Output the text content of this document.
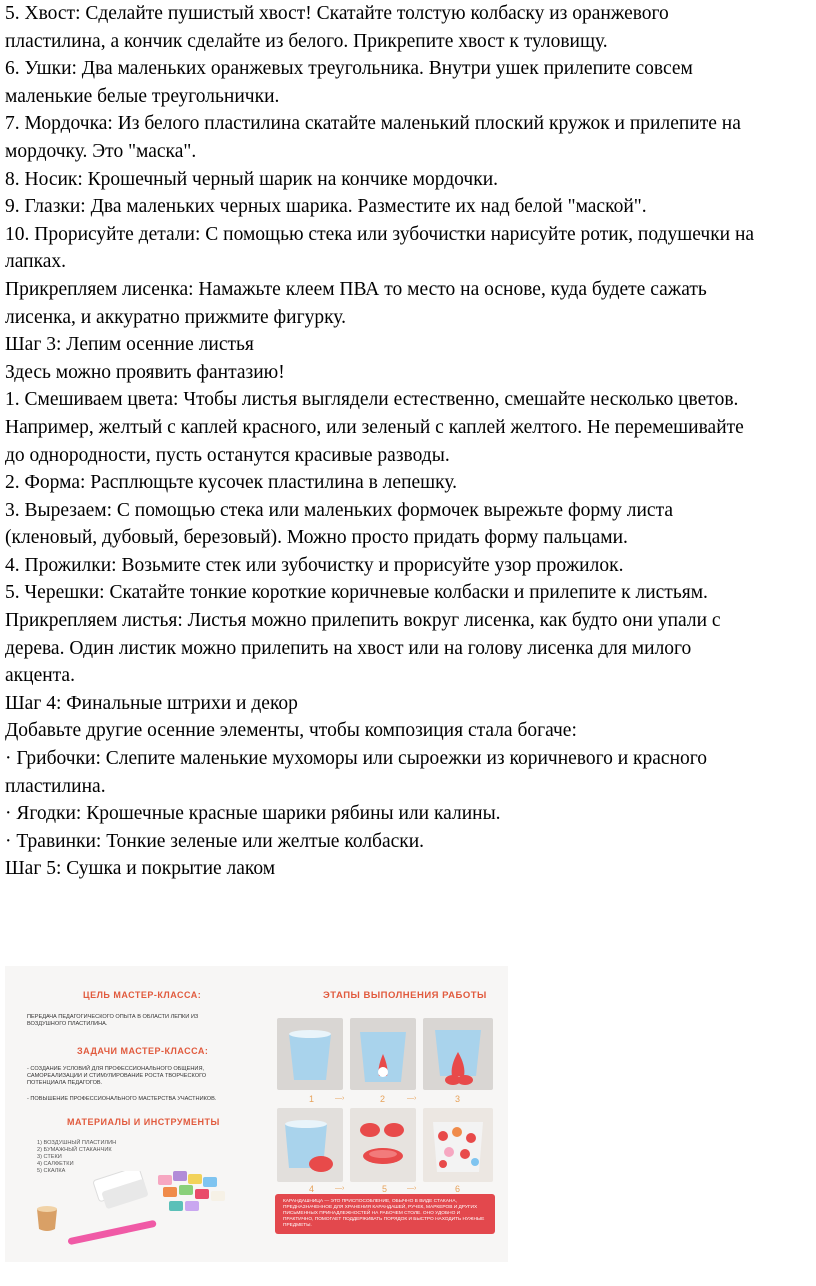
5. Хвост: Сделайте пушистый хвост! Скатайте толстую колбаску из оранжевого

пластилина, а кончик сделайте из белого. Прикрепите хвост к туловищу.

6. Ушки: Два маленьких оранжевых треугольника. Внутри ушек прилепите совсем

маленькие белые треугольнички.

7. Мордочка: Из белого пластилина скатайте маленький плоский кружок и прилепите на

мордочку. Это "маска".

8. Носик: Крошечный черный шарик на кончике мордочки.

9. Глазки: Два маленьких черных шарика. Разместите их над белой "маской".

10. Прорисуйте детали: С помощью стека или зубочистки нарисуйте ротик, подушечки на

лапках.

Прикрепляем лисенка: Намажьте клеем ПВА то место на основе, куда будете сажать

лисенка, и аккуратно прижмите фигурку.

Шаг 3: Лепим осенние листья

Здесь можно проявить фантазию!

1. Смешиваем цвета: Чтобы листья выглядели естественно, смешайте несколько цветов.

Например, желтый с каплей красного, или зеленый с каплей желтого. Не перемешивайте

до однородности, пусть останутся красивые разводы.

2. Форма: Расплющьте кусочек пластилина в лепешку.

3. Вырезаем: С помощью стека или маленьких формочек вырежьте форму листа

(кленовый, дубовый, березовый). Можно просто придать форму пальцами.

4. Прожилки: Возьмите стек или зубочистку и прорисуйте узор прожилок.

5. Черешки: Скатайте тонкие короткие коричневые колбаски и прилепите к листьям.

Прикрепляем листья: Листья можно прилепить вокруг лисенка, как будто они упали с

дерева. Один листик можно прилепить на хвост или на голову лисенка для милого

акцента.

Шаг 4: Финальные штрихи и декор

Добавьте другие осенние элементы, чтобы композиция стала богаче:

· Грибочки: Слепите маленькие мухоморы или сыроежки из коричневого и красного

пластилина.

· Ягодки: Крошечные красные шарики рябины или калины.

· Травинки: Тонкие зеленые или желтые колбаски.

Шаг 5: Сушка и покрытие лаком

ЦЕЛЬ МАСТЕР-КЛАССА:
ПЕРЕДАЧА ПЕДАГОГИЧЕСКОГО ОПЫТА В ОБЛАСТИ ЛЕПКИ ИЗ ВОЗДУШНОГО ПЛАСТИЛИНА.
ЗАДАЧИ МАСТЕР-КЛАССА:
- СОЗДАНИЕ УСЛОВИЙ ДЛЯ ПРОФЕССИОНАЛЬНОГО ОБЩЕНИЯ, САМОРЕАЛИЗАЦИИ И СТИМУЛИРОВАНИЕ РОСТА ТВОРЧЕСКОГО ПОТЕНЦИАЛА ПЕДАГОГОВ.
- ПОВЫШЕНИЕ ПРОФЕССИОНАЛЬНОГО МАСТЕРСТВА УЧАСТНИКОВ.
МАТЕРИАЛЫ И ИНСТРУМЕНТЫ
1) ВОЗДУШНЫЙ ПЛАСТИЛИН
2) БУМАЖНЫЙ СТАКАНЧИК
3) СТЕКИ
4) САЛФЕТКИ
5) СКАЛКА
ЭТАПЫ ВЫПОЛНЕНИЯ РАБОТЫ
1	—›	2	—›	3
4	—›	5	—›	6
КАРАНДАШНИЦА — ЭТО ПРИСПОСОБЛЕНИЕ, ОБЫЧНО В ВИДЕ СТАКАНА, ПРЕДНАЗНАЧЕННОЕ ДЛЯ ХРАНЕНИЯ КАРАНДАШЕЙ, РУЧЕК, МАРКЕРОВ И ДРУГИХ ПИСЬМЕННЫХ ПРИНАДЛЕЖНОСТЕЙ НА РАБОЧЕМ СТОЛЕ. ОНО УДОБНО И ПРАКТИЧНО, ПОМОГАЕТ ПОДДЕРЖИВАТЬ ПОРЯДОК И БЫСТРО НАХОДИТЬ НУЖНЫЕ ПРЕДМЕТЫ.
